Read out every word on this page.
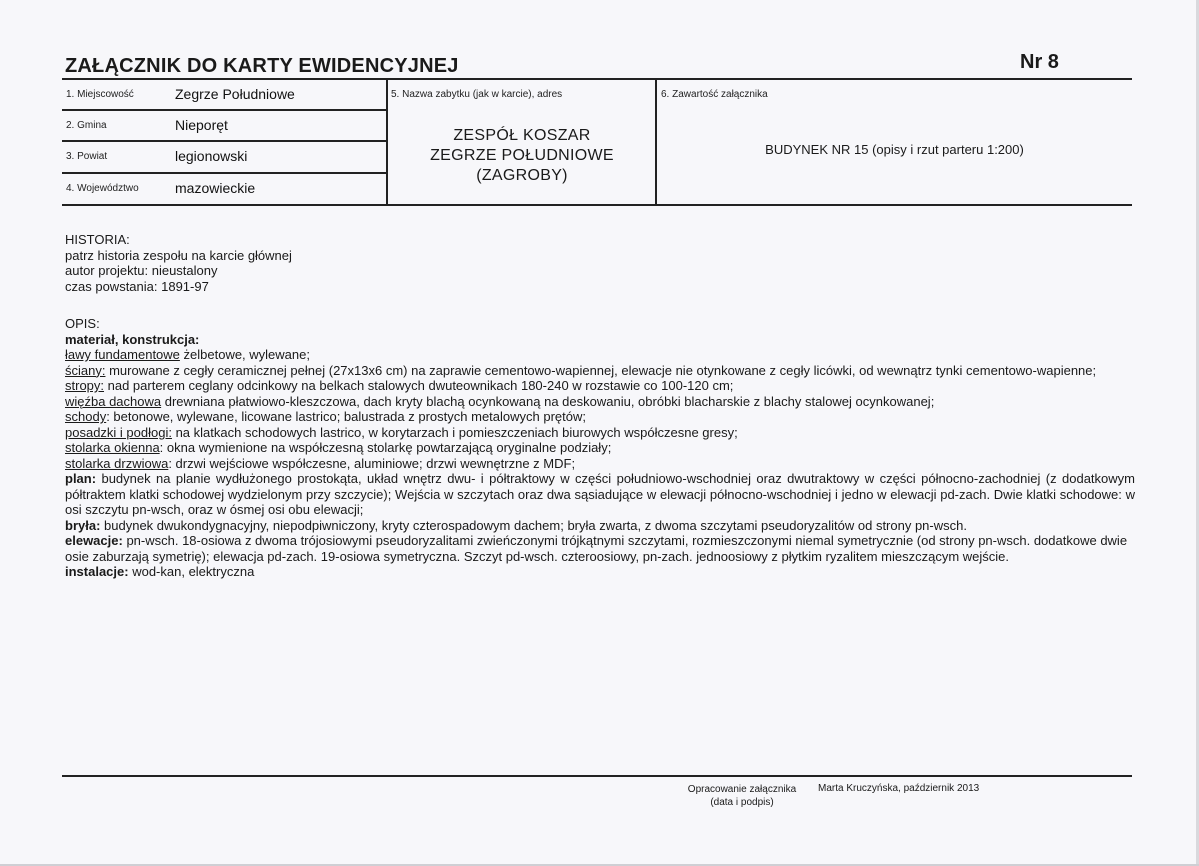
ZAŁĄCZNIK DO KARTY EWIDENCYJNEJ	Nr 8
1. Miejscowość	Zegrze Południowe
2. Gmina	Nieporęt
3. Powiat	legionowski
4. Województwo	mazowieckie
5. Nazwa zabytku (jak w karcie), adres
ZESPÓŁ KOSZAR
ZEGRZE POŁUDNIOWE
(ZAGROBY)
6. Zawartość załącznika
BUDYNEK NR 15 (opisy i rzut parteru 1:200)

HISTORIA:

patrz historia zespołu na karcie głównej

autor projektu: nieustalony

czas powstania: 1891-97

OPIS:

materiał, konstrukcja:

ławy fundamentowe żelbetowe, wylewane;

ściany: murowane z cegły ceramicznej pełnej (27x13x6 cm) na zaprawie cementowo-wapiennej, elewacje nie otynkowane z cegły licówki, od wewnątrz tynki cementowo-wapienne;

stropy: nad parterem ceglany odcinkowy na belkach stalowych dwuteownikach 180-240 w rozstawie co 100-120 cm;

więźba dachowa drewniana płatwiowo-kleszczowa, dach kryty blachą ocynkowaną na deskowaniu, obróbki blacharskie z blachy stalowej ocynkowanej;

schody: betonowe, wylewane, licowane lastrico; balustrada z prostych metalowych prętów;

posadzki i podłogi: na klatkach schodowych lastrico, w korytarzach i pomieszczeniach biurowych współczesne gresy;

stolarka okienna: okna wymienione na współczesną stolarkę powtarzającą oryginalne podziały;

stolarka drzwiowa: drzwi wejściowe współczesne, aluminiowe; drzwi wewnętrzne z MDF;

plan: budynek na planie wydłużonego prostokąta, układ wnętrz dwu- i półtraktowy w części południowo-wschodniej oraz dwutraktowy w części północno-zachodniej (z dodatkowym półtraktem klatki schodowej wydzielonym przy szczycie); Wejścia w szczytach oraz dwa sąsiadujące w elewacji północno-wschodniej i jedno w elewacji pd-zach. Dwie klatki schodowe: w osi szczytu pn-wsch, oraz w ósmej osi obu elewacji;

bryła: budynek dwukondygnacyjny, niepodpiwniczony, kryty czterospadowym dachem; bryła zwarta, z dwoma szczytami pseudoryzalitów od strony pn-wsch.

elewacje: pn-wsch. 18-osiowa z dwoma trójosiowymi pseudoryzalitami zwieńczonymi trójkątnymi szczytami, rozmieszczonymi niemal symetrycznie (od strony pn-wsch. dodatkowe dwie osie zaburzają symetrię); elewacja pd-zach. 19-osiowa symetryczna. Szczyt pd-wsch. czteroosiowy, pn-zach. jednoosiowy z płytkim ryzalitem mieszczącym wejście.

instalacje: wod-kan, elektryczna

Opracowanie załącznika
(data i podpis)
Marta Kruczyńska, październik 2013
